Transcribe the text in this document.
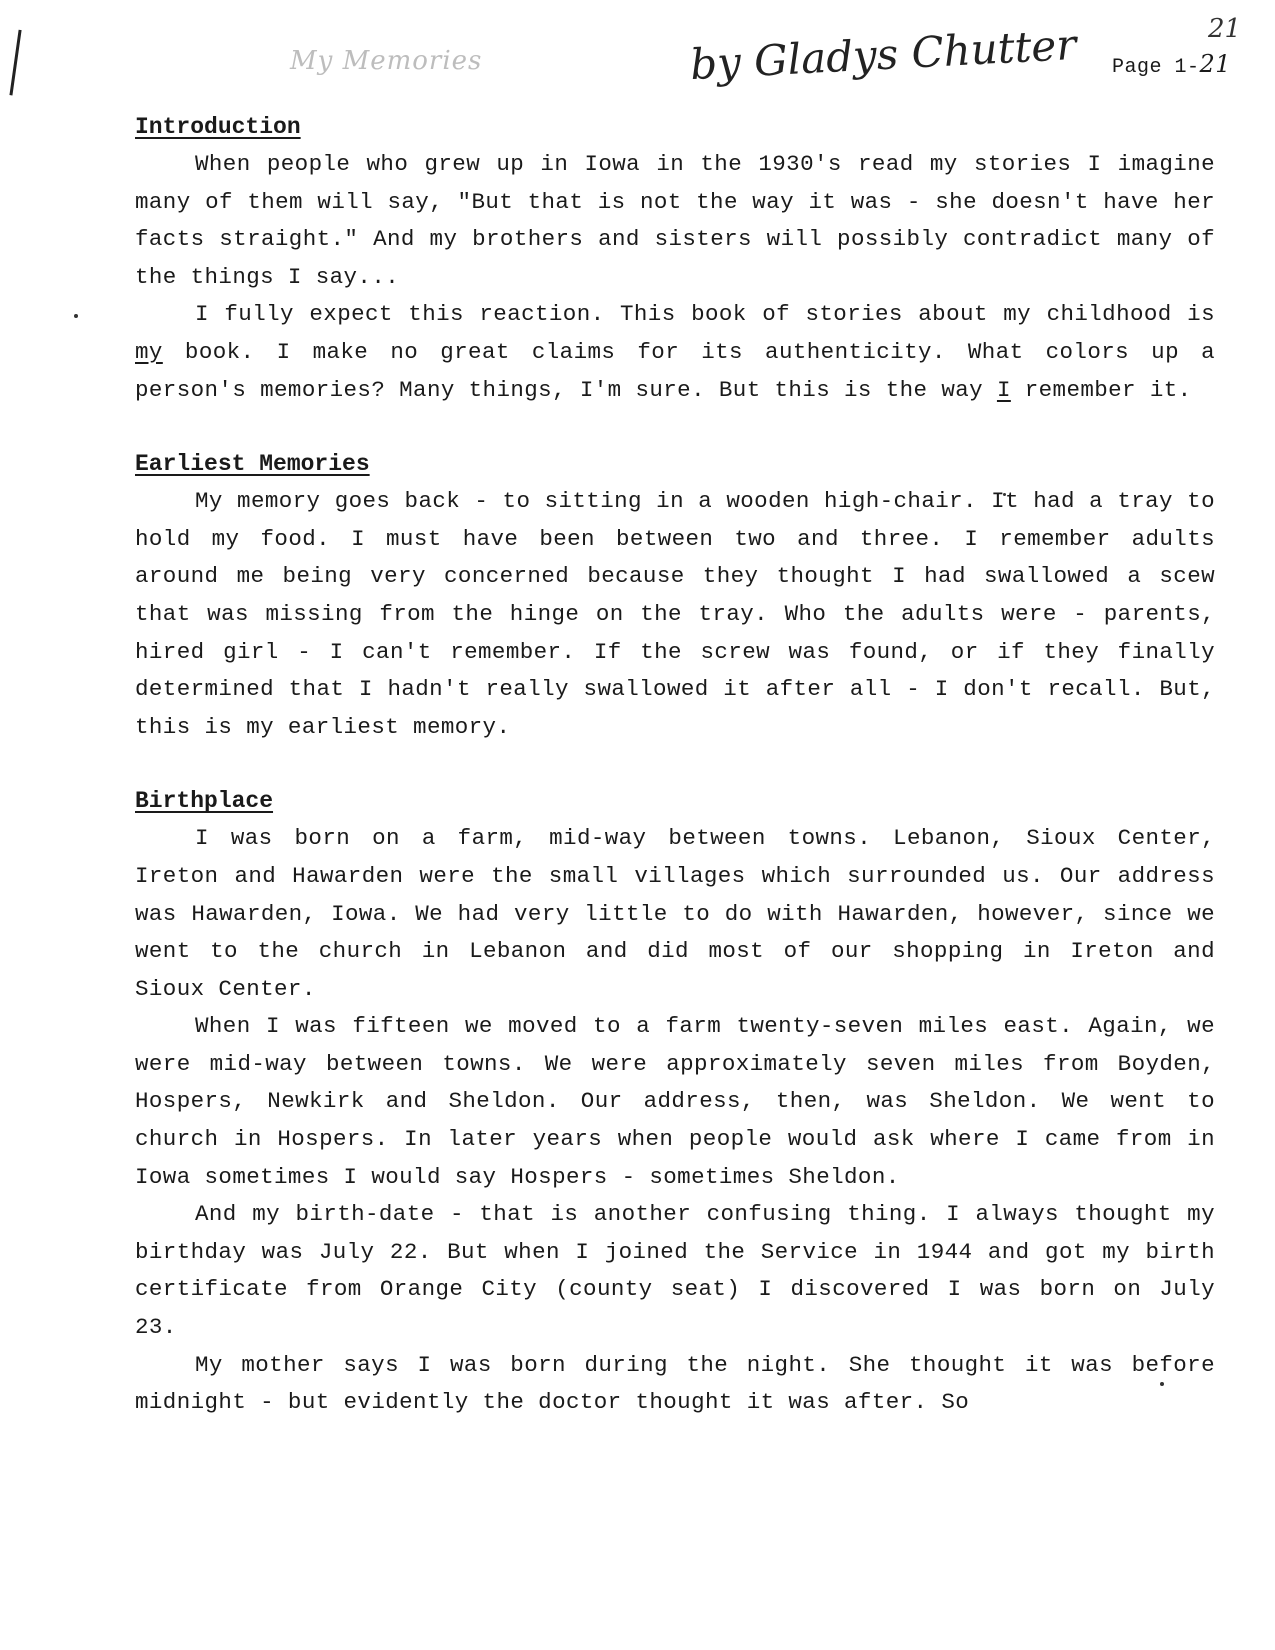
My Memories	by Gladys Chutter	21
Page 1-21
Introduction

When people who grew up in Iowa in the 1930's read my stories I imagine many of them will say, "But that is not the way it was - she doesn't have her facts straight." And my brothers and sisters will possibly contradict many of the things I say...

I fully expect this reaction. This book of stories about my childhood is my book. I make no great claims for its authenticity. What colors up a person's memories? Many things, I'm sure. But this is the way I remember it.

Earliest Memories

My memory goes back - to sitting in a wooden high-chair. It had a tray to hold my food. I must have been between two and three. I remember adults around me being very concerned because they thought I had swallowed a scew that was missing from the hinge on the tray. Who the adults were - parents, hired girl - I can't remember. If the screw was found, or if they finally determined that I hadn't really swallowed it after all - I don't recall. But, this is my earliest memory.

Birthplace

I was born on a farm, mid-way between towns. Lebanon, Sioux Center, Ireton and Hawarden were the small villages which surrounded us. Our address was Hawarden, Iowa. We had very little to do with Hawarden, however, since we went to the church in Lebanon and did most of our shopping in Ireton and Sioux Center.

When I was fifteen we moved to a farm twenty-seven miles east. Again, we were mid-way between towns. We were approximately seven miles from Boyden, Hospers, Newkirk and Sheldon. Our address, then, was Sheldon. We went to church in Hospers. In later years when people would ask where I came from in Iowa sometimes I would say Hospers - sometimes Sheldon.

And my birth-date - that is another confusing thing. I always thought my birthday was July 22. But when I joined the Service in 1944 and got my birth certificate from Orange City (county seat) I discovered I was born on July 23.

My mother says I was born during the night. She thought it was before midnight - but evidently the doctor thought it was after. So
